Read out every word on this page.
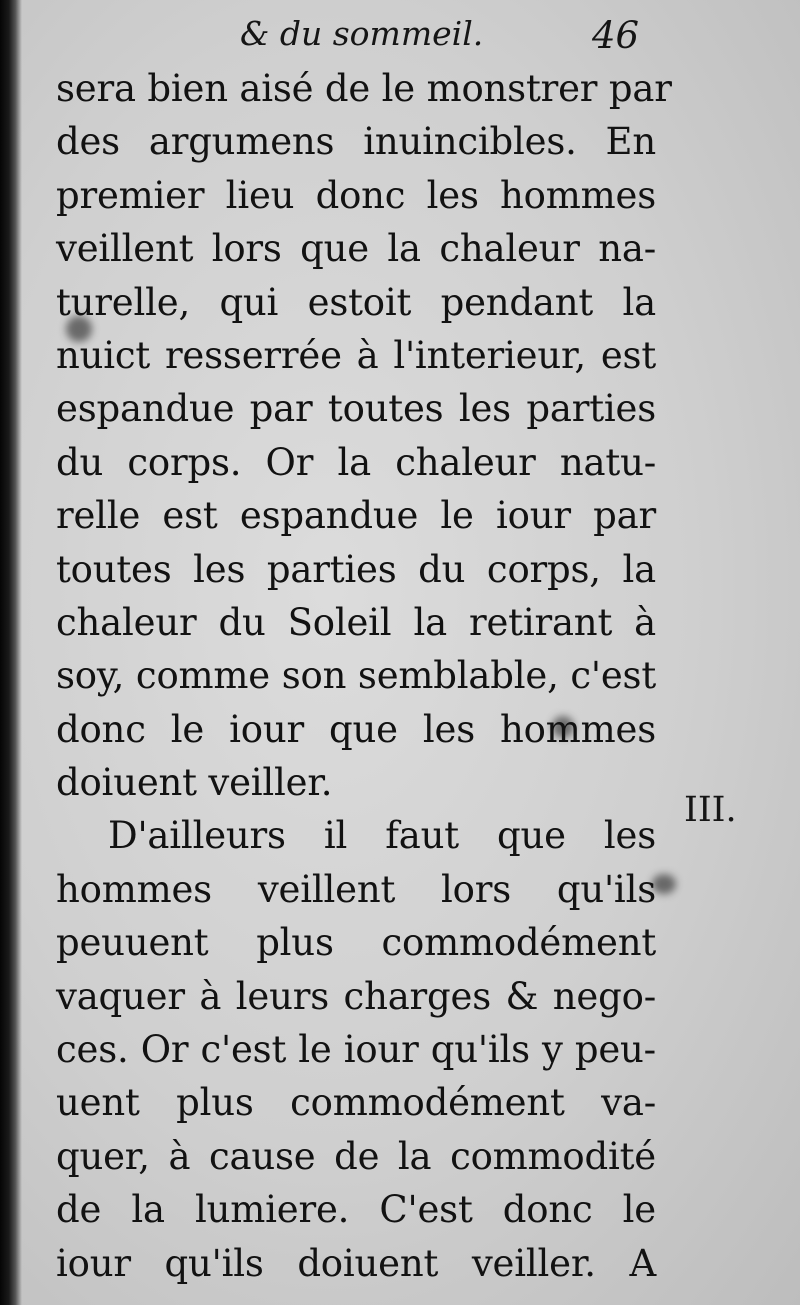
& du sommeil.	46
sera bien aisé de le monstrer par
des argumens inuincibles. En
premier lieu donc les hommes
veillent lors que la chaleur na-
turelle, qui estoit pendant la
nuict resserrée à l'interieur, est
espandue par toutes les parties
du corps. Or la chaleur natu-
relle est espandue le iour par
toutes les parties du corps, la
chaleur du Soleil la retirant à
soy, comme son semblable, c'est
donc le iour que les hommes
doiuent veiller.
D'ailleurs il faut que les
hommes veillent lors qu'ils
peuuent plus commodément
vaquer à leurs charges & nego-
ces. Or c'est le iour qu'ils y peu-
uent plus commodément va-
quer, à cause de la commodité
de la lumiere. C'est donc le
iour qu'ils doiuent veiller. A
III.
